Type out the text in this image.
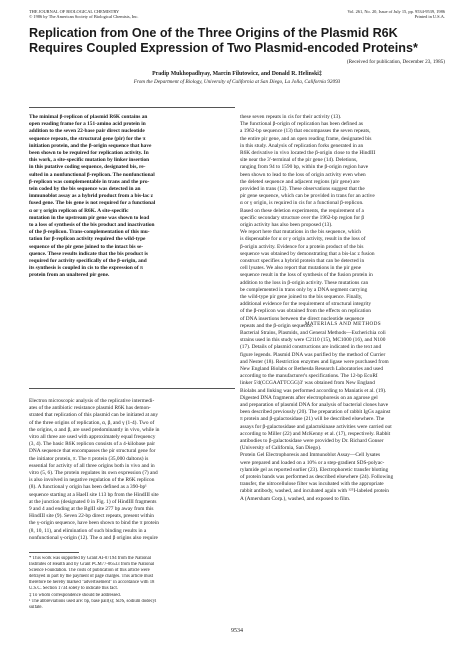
THE JOURNAL OF BIOLOGICAL CHEMISTRY
© 1986 by The American Society of Biological Chemists, Inc.
Vol. 261, No. 20, Issue of July 15, pp. 9534-9539, 1986
Printed in U.S.A.
Replication from One of the Three Origins of the Plasmid R6K
Requires Coupled Expression of Two Plasmid-encoded Proteins*
(Received for publication, December 23, 1985)
Pradip Mukhopadhyay, Marcin Filutowicz, and Donald R. Helinski‡
From the Department of Biology, University of California at San Diego, La Jolla, California 92093
The minimal β-replicon of plasmid R6K contains an
open reading frame for a 151-amino acid protein in
addition to the seven 22-base pair direct nucleotide
sequence repeats, the structural gene (pir) for the π
initiation protein, and the β-origin sequence that have
been shown to be required for replication activity. In
this work, a site-specific mutation by linker insertion
in this putative coding sequence, designated bis, re-
sulted in a nonfunctional β-replicon. The nonfunctional
β-replicon was complementable in trans and the pro-
tein coded by the bis sequence was detected in an
immunoblot assay as a hybrid product from a bis-lac z
fused gene. The bis gene is not required for a functional
α or γ origin replicon of R6K. A site-specific
mutation in the upstream pir gene was shown to lead
to a loss of synthesis of the bis product and inactivation
of the β-replicon. Trans-complementation of this mu-
tation for β-replicon activity required the wild-type
sequence of the pir gene joined to the intact bis se-
quence. These results indicate that the bis product is
required for activity specifically of the β-origin, and
its synthesis is coupled in cis to the expression of π
protein from an unaltered pir gene.
Electron microscopic analysis of the replicative intermedi-
ates of the antibiotic resistance plasmid R6K has demon-
strated that replication of this plasmid can be initiated at any
of the three origins of replication, α, β, and γ (1-4). Two of
the origins, α and β, are used predominantly in vivo, while in
vitro all three are used with approximately equal frequency
(3, 4). The basic R6K replicon consists of a 4-kilobase pair
DNA sequence that encompasses the pir structural gene for
the initiator protein, π. The π protein (35,000 daltons) is
essential for activity of all three origins both in vivo and in
vitro (5, 6). The protein regulates its own expression (7) and
is also involved in negative regulation of the R6K replicon
(8). A functional γ origin has been defined as a 390-bp¹
sequence starting at a HaeII site 113 bp from the HindIII site
at the junction (designated 0 in Fig. 1) of HindIII fragments
9 and 4 and ending at the BglII site 277 bp away from this
HindIII site (9). Seven 22-bp direct repeats, present within
the γ-origin sequence, have been shown to bind the π protein
(8, 10, 11), and elimination of such binding results in a
nonfunctional γ-origin (12). The α and β origins also require
* This work was supported by Grant AI-07194 from the National
Institutes of Health and by Grant PCM77-06533 from the National
Science Foundation. The costs of publication of this article were
defrayed in part by the payment of page charges. This article must
therefore be hereby marked "advertisement" in accordance with 18
U.S.C. Section 1734 solely to indicate this fact.
‡ To whom correspondence should be addressed.
¹ The abbreviations used are: bp, base pair(s); SDS, sodium dodecyl
sulfate.
these seven repeats in cis for their activity (13).
The functional β-origin of replication has been defined as
a 1962-bp sequence (13) that encompasses the seven repeats,
the entire pir gene, and an open reading frame, designated bis
in this study. Analysis of replication forks generated in an
R6K derivative in vivo located the β-origin close to the HindIII
site near the 3'-terminal of the pir gene (14). Deletions,
ranging from 94 to 1590 bp, within the β-origin region have
been shown to lead to the loss of origin activity even when
the deleted sequence and adjacent regions (pir gene) are
provided in trans (12). These observations suggest that the
pir gene sequence, which can be provided in trans for an active
α or γ origin, is required in cis for a functional β-replicon.
Based on these deletion experiments, the requirement of a
specific secondary structure over the 1962-bp region for β
origin activity has also been proposed (13).
We report here that mutations in the bis sequence, which
is dispensable for α or γ origin activity, result in the loss of
β-origin activity. Evidence for a protein product of the bis
sequence was obtained by demonstrating that a bis-lac z fusion
construct specifies a hybrid protein that can be detected in
cell lysates. We also report that mutations in the pir gene
sequence result in the loss of synthesis of the fusion protein in
addition to the loss in β-origin activity. These mutations can
be complemented in trans only by a DNA segment carrying
the wild-type pir gene joined to the bis sequence. Finally,
additional evidence for the requirement of structural integrity
of the β-replicon was obtained from the effects on replication
of DNA insertions between the direct nucleotide sequence
repeats and the β-origin sequence.
MATERIALS AND METHODS
Bacterial Strains, Plasmids, and General Methods—Escherichia coli
strains used in this study were C2110 (15), MC1000 (16), and N100
(17). Details of plasmid constructions are indicated in the text and
figure legends. Plasmid DNA was purified by the method of Currier
and Nester (18). Restriction enzymes and ligase were purchased from
New England Biolabs or Bethesda Research Laboratories and used
according to the manufacturer's specifications. The 12-bp EcoRI
linker 5'd(CCGAATTCGG)3' was obtained from New England
Biolabs and linking was performed according to Maniatis et al. (19).
Digested DNA fragments after electrophoresis on an agarose gel
and preparation of plasmid DNA for analysis of bacterial clones have
been described previously (20). The preparation of rabbit IgGs against
π protein and β-galactosidase (21) will be described elsewhere. The
assays for β-galactosidase and galactokinase activities were carried out
according to Miller (22) and McKenny et al. (17), respectively. Rabbit
antibodies to β-galactosidase were provided by Dr. Richard Gonser
(University of California, San Diego).
Protein Gel Electrophoresis and Immunoblot Assay—Cell lysates
were prepared and loaded on a 10% or a step-gradient SDS-polyac-
rylamide gel as reported earlier (23). Electrophoretic transfer blotting
of protein bands was performed as described elsewhere (24). Following
transfer, the nitrocellulose filter was incubated with the appropriate
rabbit antibody, washed, and incubated again with ¹²⁵I-labeled protein
A (Amersham Corp.), washed, and exposed to film.
9534
